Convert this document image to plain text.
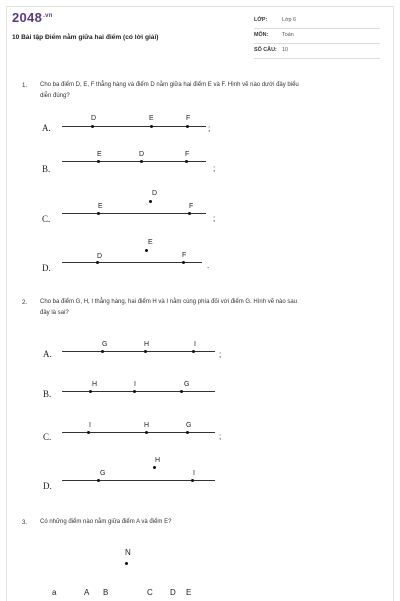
$2048^{.vn}$
10 Bài tập Điểm nằm giữa hai điểm (có lời giải)
LỚP:	Lớp 6
MÔN:	Toán
SỐ CÂU: 10
1. Cho ba điểm D, E, F thẳng hàng và điểm D nằm giữa hai điểm E và F. Hình vẽ nào dưới đây biểu
diễn đúng?
A.
D	E	F
;
B.
E	D	F
;
C.
E
D
F
;
D.
D
E
F
.
2. Cho ba điểm G, H, I thẳng hàng, hai điểm H và I nằm cùng phía đối với điểm G. Hình vẽ nào sau
đây là sai?
A.
G	H	I
;
B.
H	I	G
C.
I	H	G
;
D.
G
H
I
3. Có những điểm nào nằm giữa điểm A và điểm E?
N
a	A B	C D E
